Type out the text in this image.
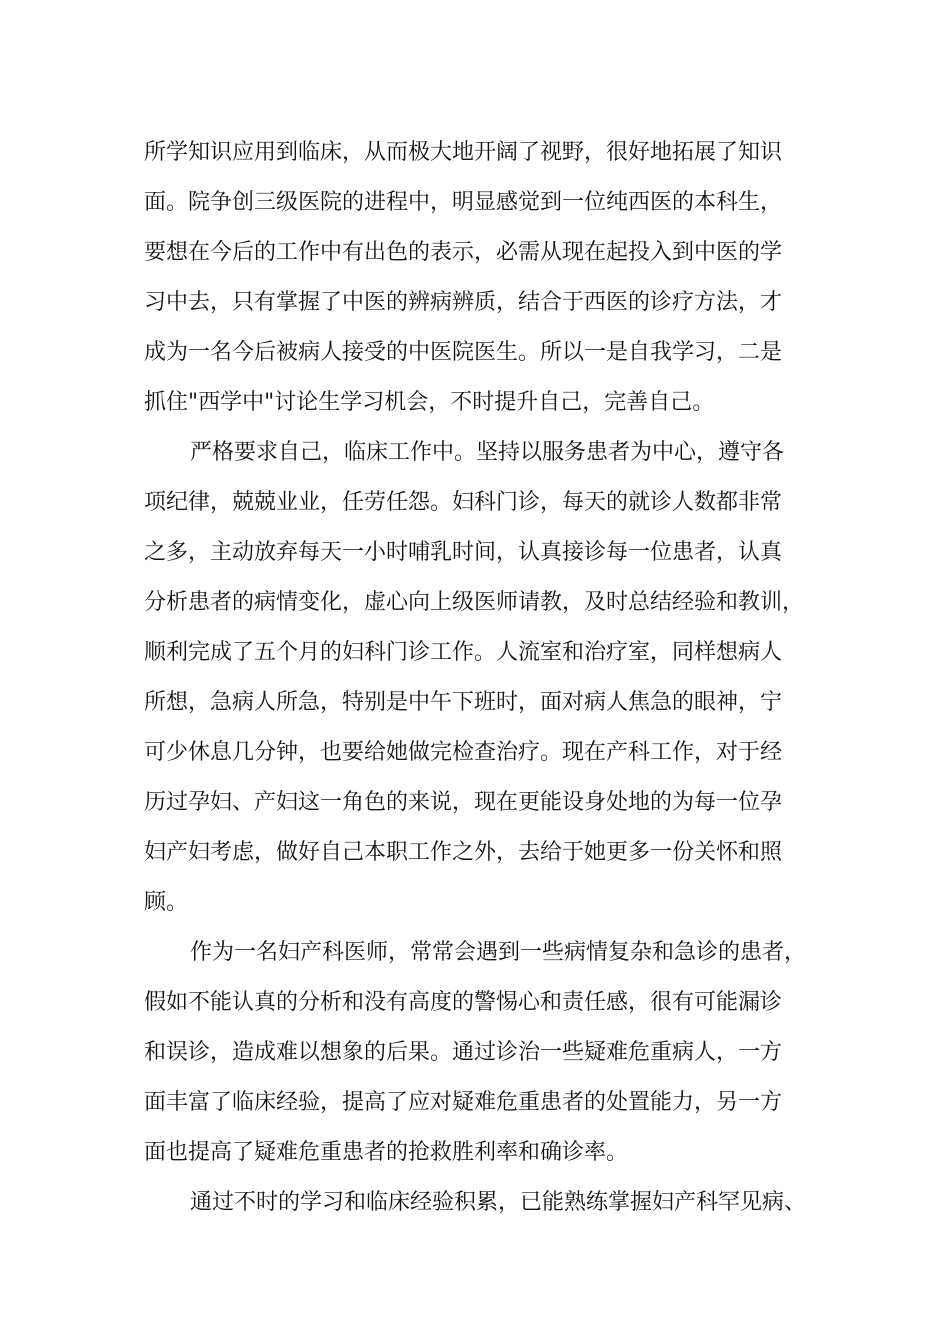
所学知识应用到临床，从而极大地开阔了视野，很好地拓展了知识
面。院争创三级医院的进程中，明显感觉到一位纯西医的本科生，
要想在今后的工作中有出色的表示，必需从现在起投入到中医的学
习中去，只有掌握了中医的辨病辨质，结合于西医的诊疗方法，才
成为一名今后被病人接受的中医院医生。所以一是自我学习，二是
抓住"西学中"讨论生学习机会，不时提升自己，完善自己。
严格要求自己，临床工作中。坚持以服务患者为中心，遵守各
项纪律，兢兢业业，任劳任怨。妇科门诊，每天的就诊人数都非常
之多，主动放弃每天一小时哺乳时间，认真接诊每一位患者，认真
分析患者的病情变化，虚心向上级医师请教，及时总结经验和教训，
顺利完成了五个月的妇科门诊工作。人流室和治疗室，同样想病人
所想，急病人所急，特别是中午下班时，面对病人焦急的眼神，宁
可少休息几分钟，也要给她做完检查治疗。现在产科工作，对于经
历过孕妇、产妇这一角色的来说，现在更能设身处地的为每一位孕
妇产妇考虑，做好自己本职工作之外，去给于她更多一份关怀和照
顾。
作为一名妇产科医师，常常会遇到一些病情复杂和急诊的患者，
假如不能认真的分析和没有高度的警惕心和责任感，很有可能漏诊
和误诊，造成难以想象的后果。通过诊治一些疑难危重病人，一方
面丰富了临床经验，提高了应对疑难危重患者的处置能力，另一方
面也提高了疑难危重患者的抢救胜利率和确诊率。
通过不时的学习和临床经验积累，已能熟练掌握妇产科罕见病、
